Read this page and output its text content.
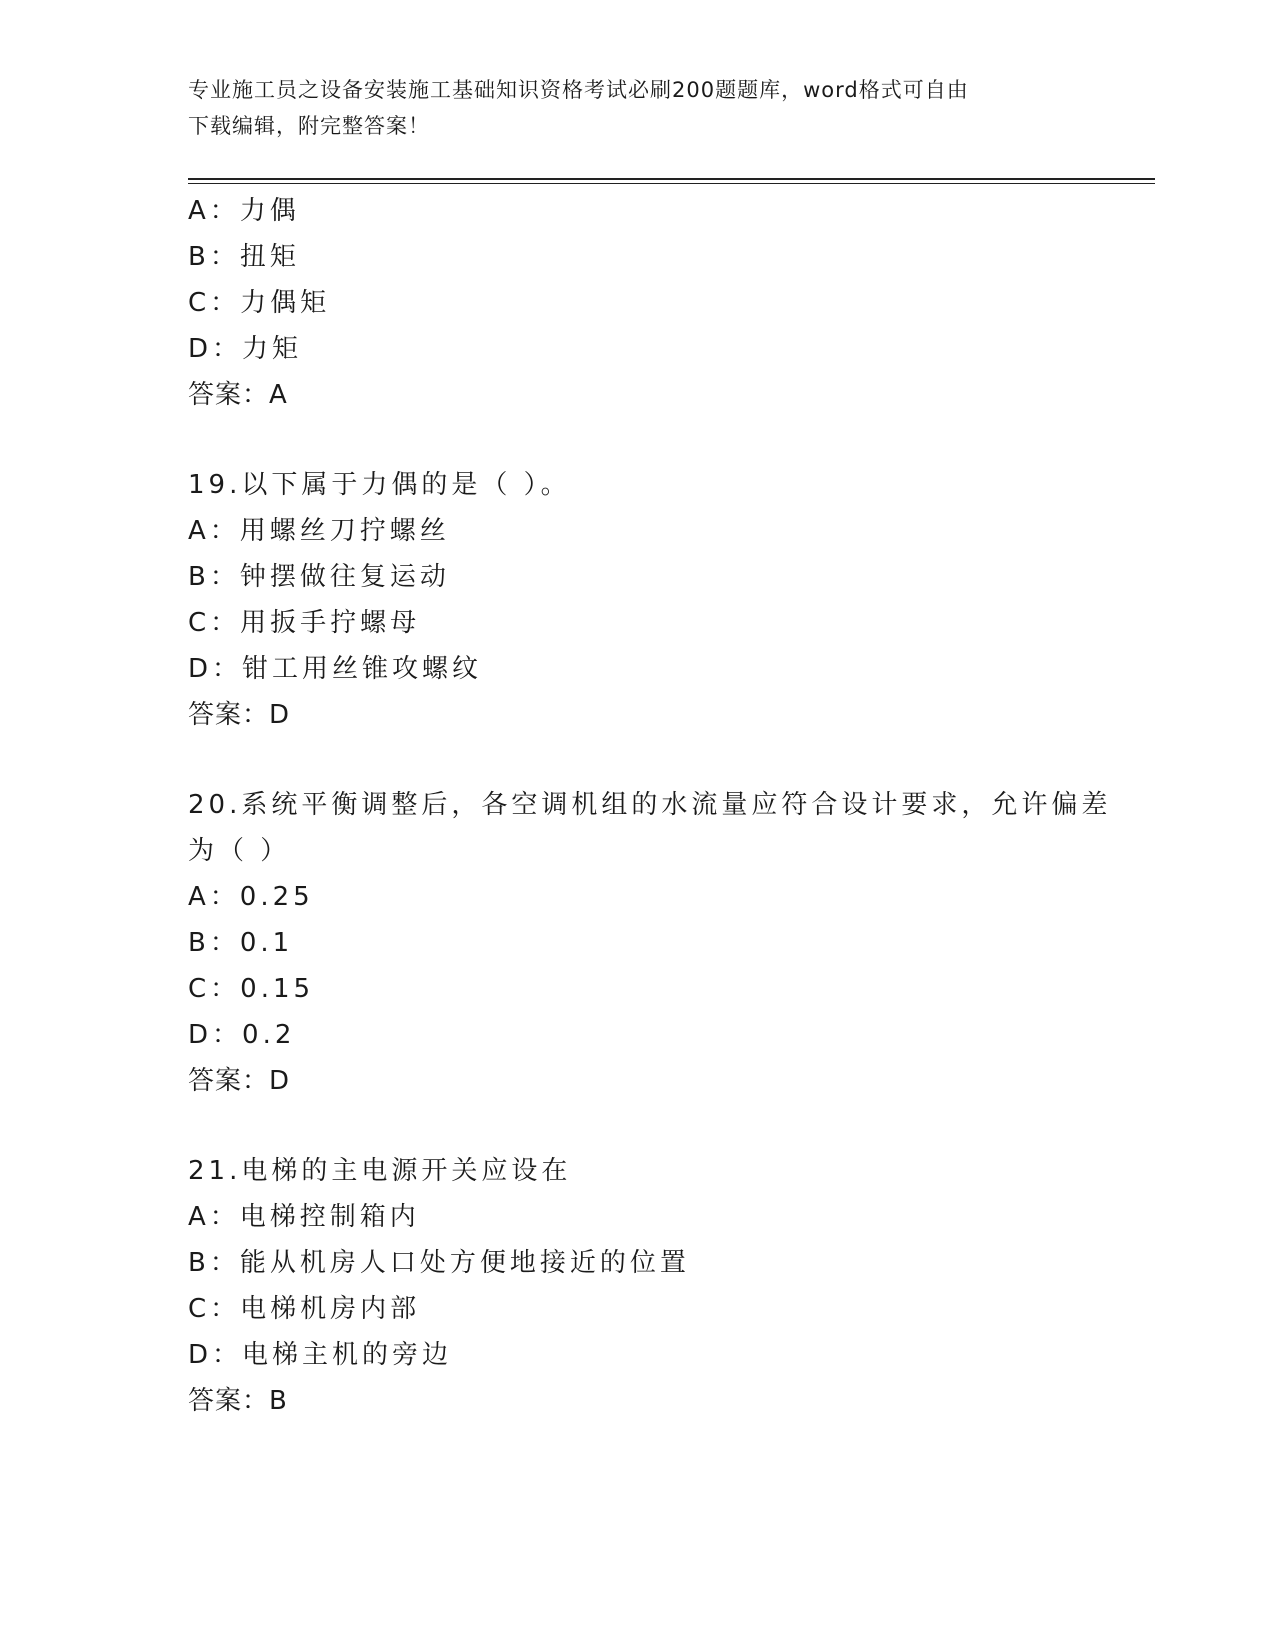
专业施工员之设备安装施工基础知识资格考试必刷200题题库，word格式可自由
下载编辑，附完整答案！
A：力偶
B：扭矩
C：力偶矩
D：力矩
答案：A
19.以下属于力偶的是（ ）。
A：用螺丝刀拧螺丝
B：钟摆做往复运动
C：用扳手拧螺母
D：钳工用丝锥攻螺纹
答案：D
20.系统平衡调整后，各空调机组的水流量应符合设计要求，允许偏差
为（ ）
A：0.25
B：0.1
C：0.15
D：0.2
答案：D
21.电梯的主电源开关应设在
A：电梯控制箱内
B：能从机房人口处方便地接近的位置
C：电梯机房内部
D：电梯主机的旁边
答案：B
